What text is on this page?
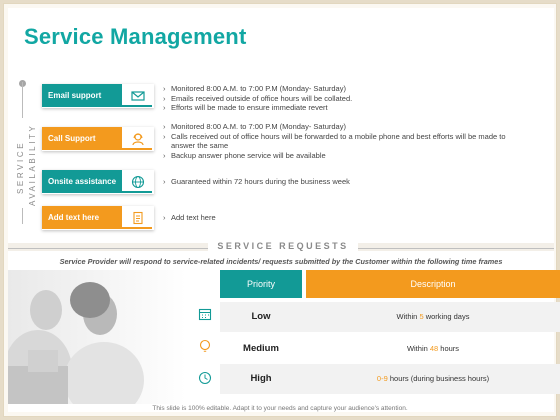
Service Management
SERVICE AVAILABILITY
Email support
› Monitored 8:00 A.M. to 7:00 P.M (Monday- Saturday)
› Emails received outside of office hours will be collated.
› Efforts will be made to ensure immediate revert
Call Support
› Monitored 8:00 A.M. to 7:00 P.M (Monday- Saturday)
› Calls received out of office hours will be forwarded to a mobile phone and best efforts will be made to answer the same
› Backup answer phone service will be available
Onsite assistance	› Guaranteed within 72 hours during the business week
Add text here	› Add text here
SERVICE REQUESTS
Service Provider will respond to service-related incidents/ requests submitted by the Customer within the following time frames
Priority	Description
Low	Within 5 working days
Medium	Within 48 hours
High	0-9 hours (during business hours)
This slide is 100% editable. Adapt it to your needs and capture your audience's attention.
